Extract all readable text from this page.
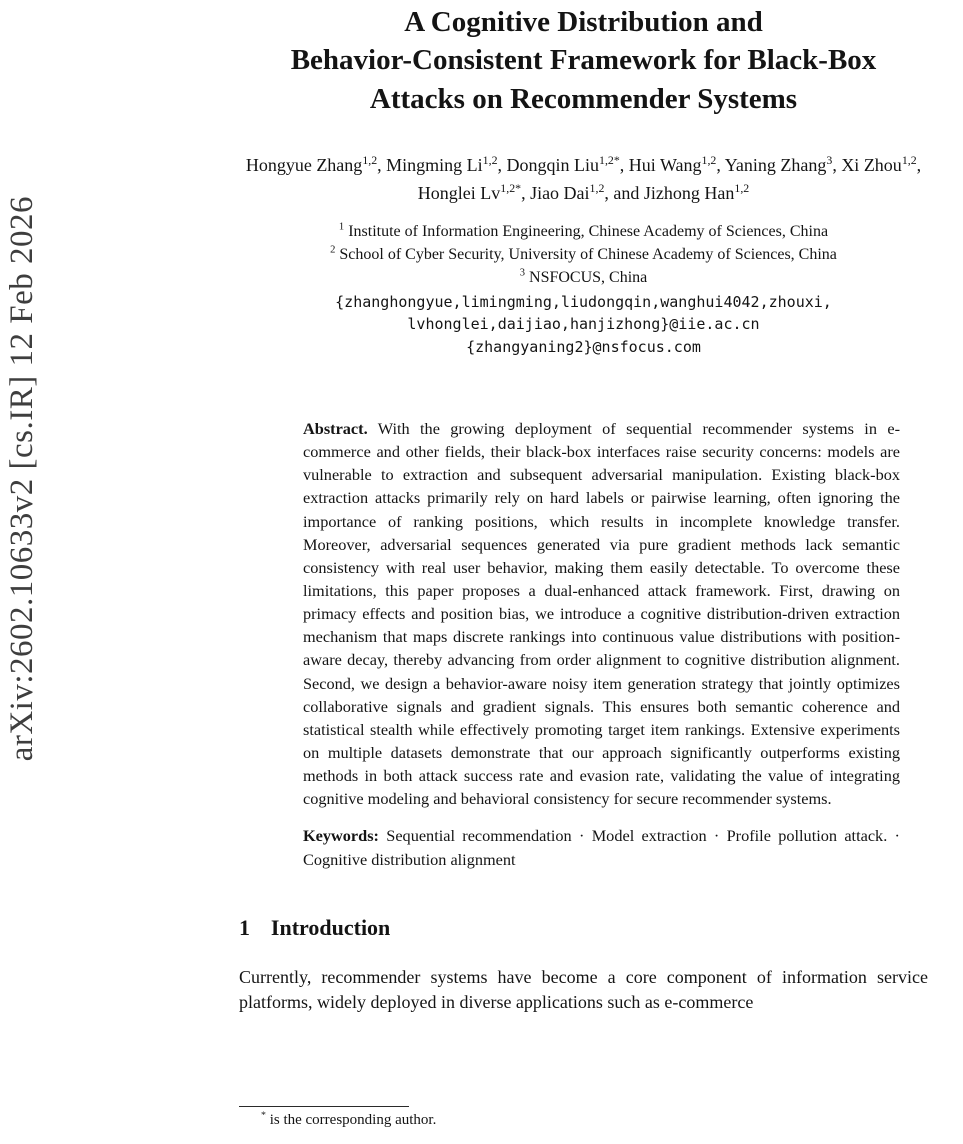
arXiv:2602.10633v2 [cs.IR] 12 Feb 2026
A Cognitive Distribution and
Behavior-Consistent Framework for Black-Box
Attacks on Recommender Systems
Hongyue Zhang$^{1,2}$, Mingming Li$^{1,2}$, Dongqin Liu$^{1,2*}$, Hui Wang$^{1,2}$, Yaning Zhang$^3$, Xi Zhou$^{1,2}$, Honglei $Lv^{1,2*}$, Jiao Dai$^{1,2}$, and Jizhong Han$^{1,2}$
$^1$ Institute of Information Engineering, Chinese Academy of Sciences, China
$^2$ School of Cyber Security, University of Chinese Academy of Sciences, China
$^3$ NSFOCUS, China
{zhanghongyue,limingming,liudongqin,wanghui4042,zhouxi,
lvhonglei,daijiao,hanjizhong}@iie.ac.cn
{zhangyaning2}@nsfocus.com
Abstract. With the growing deployment of sequential recommender systems in e-commerce and other fields, their black-box interfaces raise security concerns: models are vulnerable to extraction and subsequent adversarial manipulation. Existing black-box extraction attacks primarily rely on hard labels or pairwise learning, often ignoring the importance of ranking positions, which results in incomplete knowledge transfer. Moreover, adversarial sequences generated via pure gradient methods lack semantic consistency with real user behavior, making them easily detectable. To overcome these limitations, this paper proposes a dual-enhanced attack framework. First, drawing on primacy effects and position bias, we introduce a cognitive distribution-driven extraction mechanism that maps discrete rankings into continuous value distributions with position-aware decay, thereby advancing from order alignment to cognitive distribution alignment. Second, we design a behavior-aware noisy item generation strategy that jointly optimizes collaborative signals and gradient signals. This ensures both semantic coherence and statistical stealth while effectively promoting target item rankings. Extensive experiments on multiple datasets demonstrate that our approach significantly outperforms existing methods in both attack success rate and evasion rate, validating the value of integrating cognitive modeling and behavioral consistency for secure recommender systems.
Keywords: Sequential recommendation · Model extraction · Profile pollution attack. · Cognitive distribution alignment
1 Introduction

Currently, recommender systems have become a core component of information service platforms, widely deployed in diverse applications such as e-commerce

* is the corresponding author.
